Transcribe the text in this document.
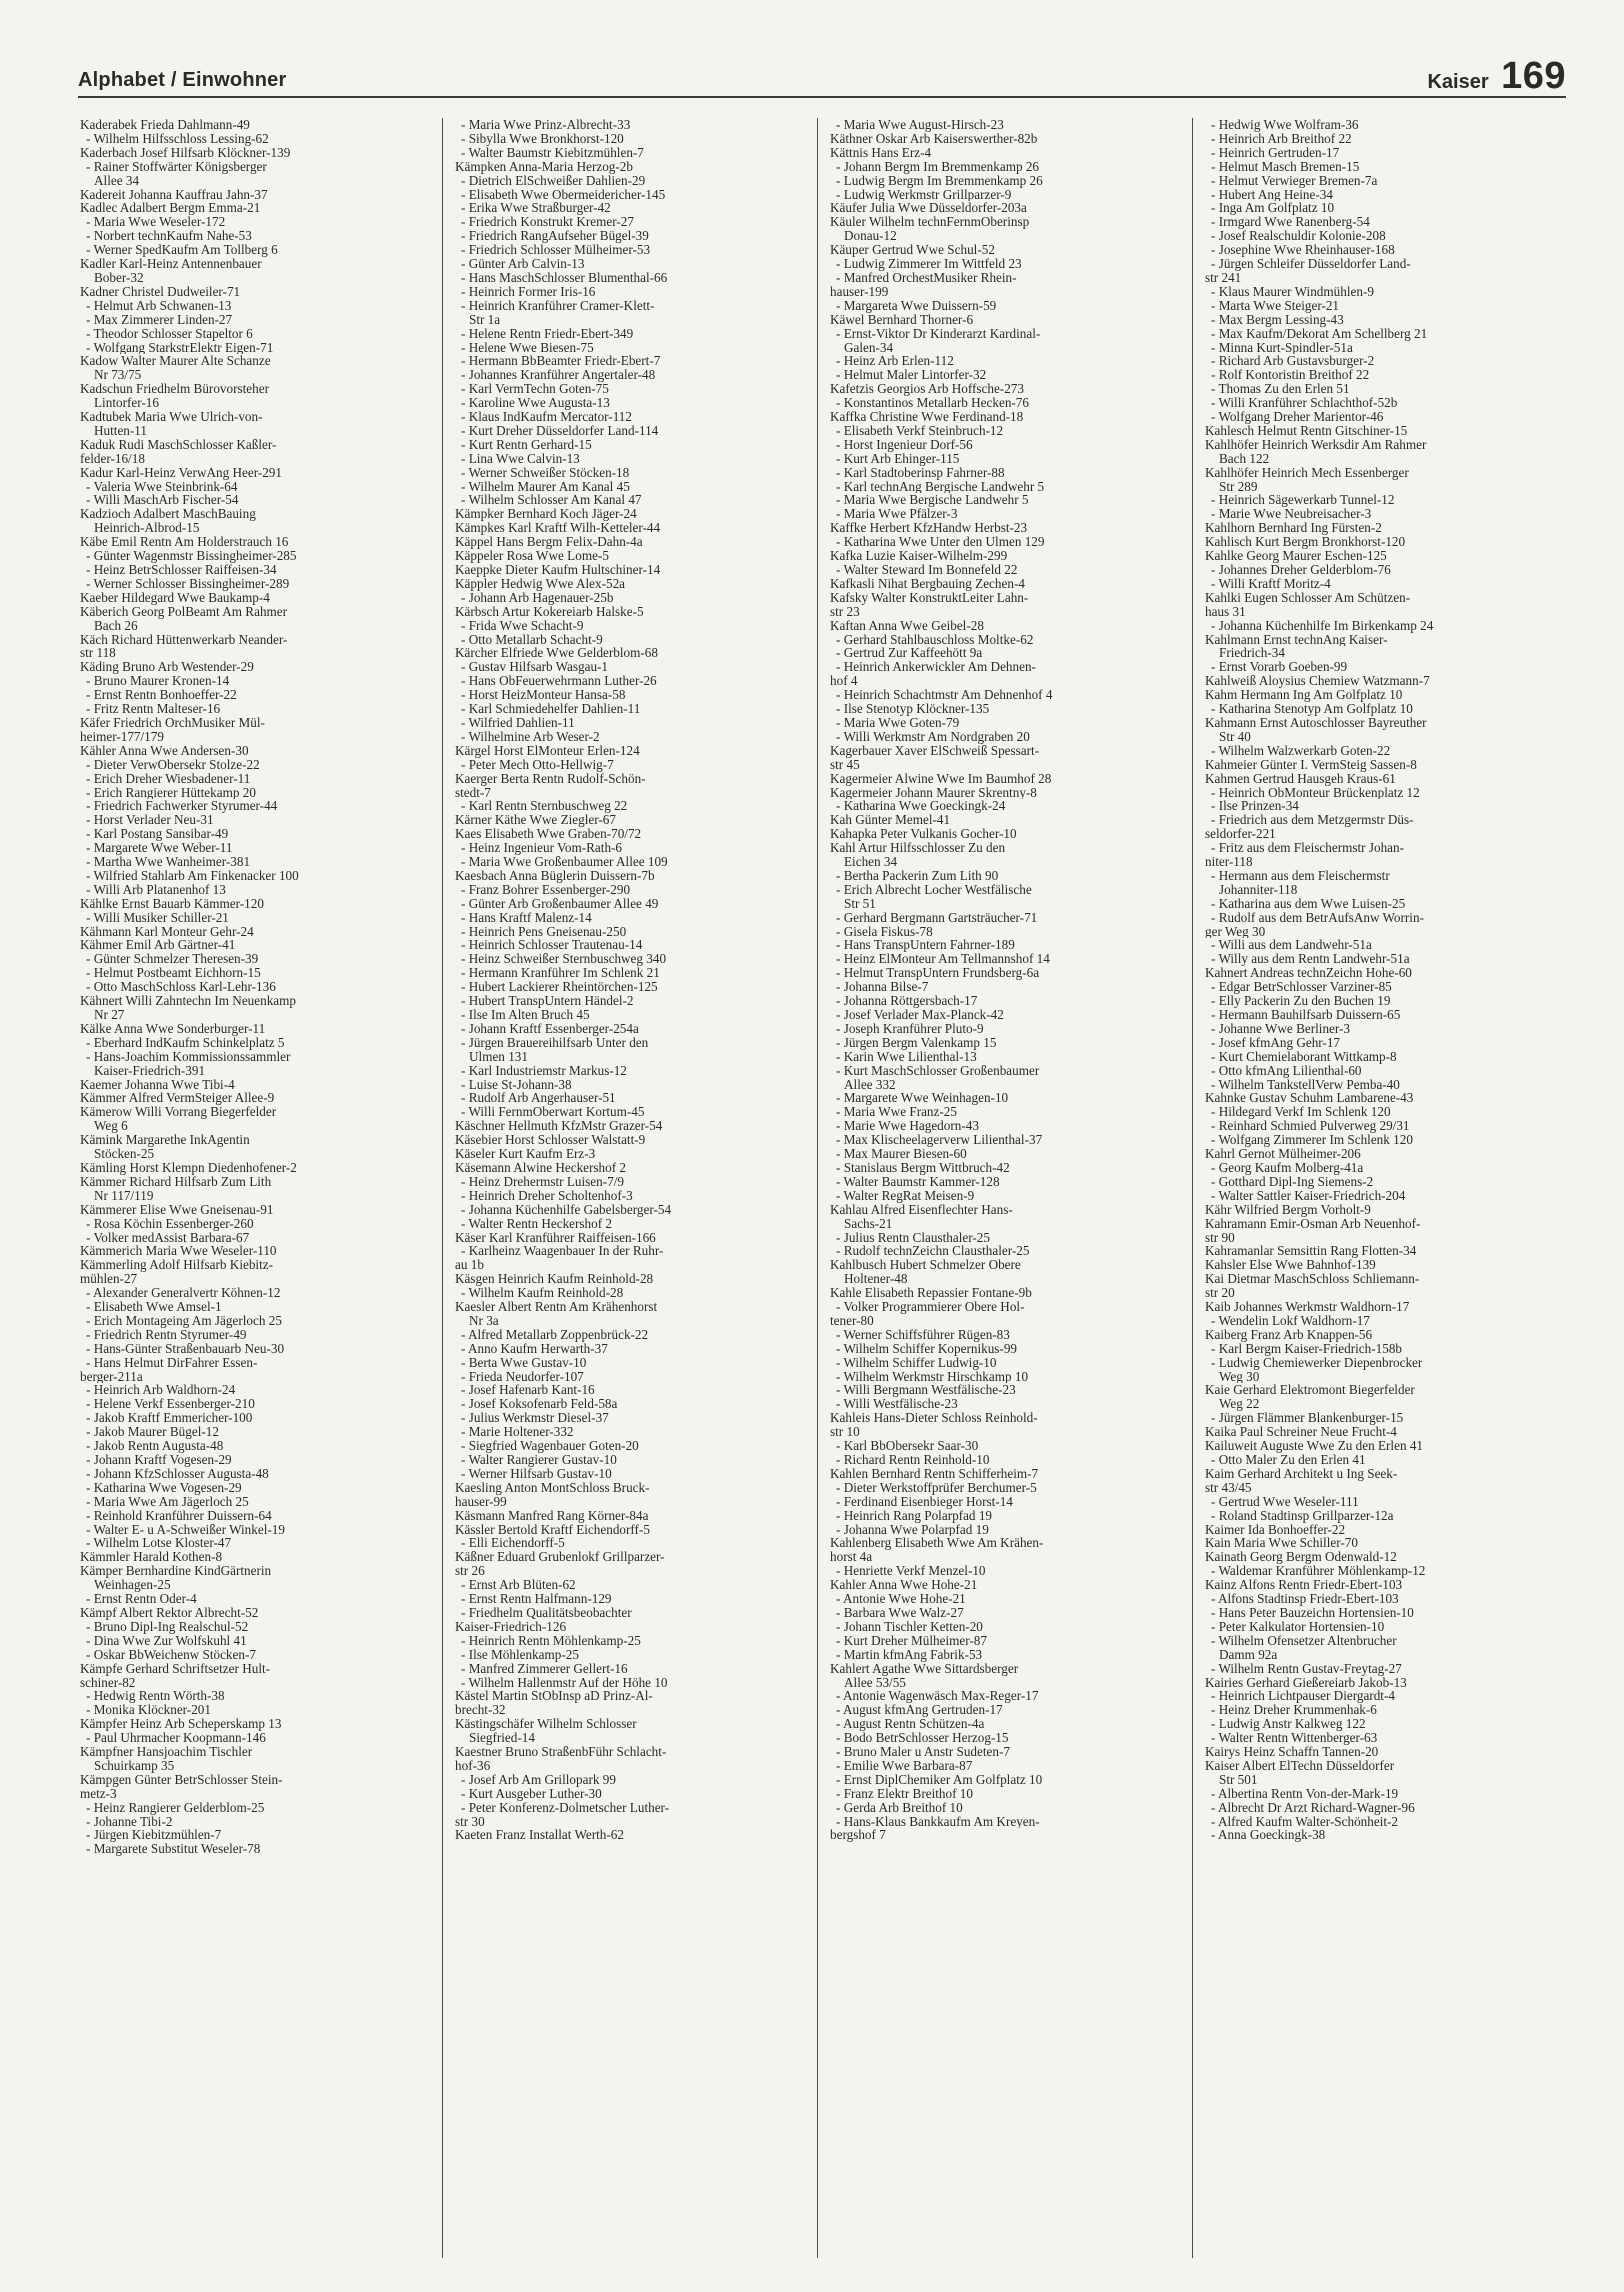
Alphabet / Einwohner	Kaiser 169
Kaderabek Frieda Dahlmann-49
- Wilhelm Hilfsschloss Lessing-62
Kaderbach Josef Hilfsarb Klöckner-139
- Rainer Stoffwärter Königsberger
Allee 34
Kadereit Johanna Kauffrau Jahn-37
Kadlec Adalbert Bergm Emma-21
- Maria Wwe Weseler-172
- Norbert technKaufm Nahe-53
- Werner SpedKaufm Am Tollberg 6
Kadler Karl-Heinz Antennenbauer
Bober-32
Kadner Christel Dudweiler-71
- Helmut Arb Schwanen-13
- Max Zimmerer Linden-27
- Theodor Schlosser Stapeltor 6
- Wolfgang StarkstrElektr Eigen-71
Kadow Walter Maurer Alte Schanze
Nr 73/75
Kadschun Friedhelm Bürovorsteher
Lintorfer-16
Kadtubek Maria Wwe Ulrich-von-
Hutten-11
Kaduk Rudi MaschSchlosser Kaßler-
felder-16/18
Kadur Karl-Heinz VerwAng Heer-291
- Valeria Wwe Steinbrink-64
- Willi MaschArb Fischer-54
Kadzioch Adalbert MaschBauing
Heinrich-Albrod-15
Käbe Emil Rentn Am Holderstrauch 16
- Günter Wagenmstr Bissingheimer-285
- Heinz BetrSchlosser Raiffeisen-34
- Werner Schlosser Bissingheimer-289
Kaeber Hildegard Wwe Baukamp-4
Käberich Georg PolBeamt Am Rahmer
Bach 26
Käch Richard Hüttenwerkarb Neander-
str 118
Käding Bruno Arb Westender-29
- Bruno Maurer Kronen-14
- Ernst Rentn Bonhoeffer-22
- Fritz Rentn Malteser-16
Käfer Friedrich OrchMusiker Mül-
heimer-177/179
Kähler Anna Wwe Andersen-30
- Dieter VerwObersekr Stolze-22
- Erich Dreher Wiesbadener-11
- Erich Rangierer Hüttekamp 20
- Friedrich Fachwerker Styrumer-44
- Horst Verlader Neu-31
- Karl Postang Sansibar-49
- Margarete Wwe Weber-11
- Martha Wwe Wanheimer-381
- Wilfried Stahlarb Am Finkenacker 100
- Willi Arb Platanenhof 13
Kählke Ernst Bauarb Kämmer-120
- Willi Musiker Schiller-21
Kähmann Karl Monteur Gehr-24
Kähmer Emil Arb Gärtner-41
- Günter Schmelzer Theresen-39
- Helmut Postbeamt Eichhorn-15
- Otto MaschSchloss Karl-Lehr-136
Kähnert Willi Zahntechn Im Neuenkamp
Nr 27
Kälke Anna Wwe Sonderburger-11
- Eberhard IndKaufm Schinkelplatz 5
- Hans-Joachim Kommissionssammler
Kaiser-Friedrich-391
Kaemer Johanna Wwe Tibi-4
Kämmer Alfred VermSteiger Allee-9
Kämerow Willi Vorrang Biegerfelder
Weg 6
Kämink Margarethe InkAgentin
Stöcken-25
Kämling Horst Klempn Diedenhofener-2
Kämmer Richard Hilfsarb Zum Lith
Nr 117/119
Kämmerer Elise Wwe Gneisenau-91
- Rosa Köchin Essenberger-260
- Volker medAssist Barbara-67
Kämmerich Maria Wwe Weseler-110
Kämmerling Adolf Hilfsarb Kiebitz-
mühlen-27
- Alexander Generalvertr Köhnen-12
- Elisabeth Wwe Amsel-1
- Erich Montageing Am Jägerloch 25
- Friedrich Rentn Styrumer-49
- Hans-Günter Straßenbauarb Neu-30
- Hans Helmut DirFahrer Essen-
berger-211a
- Heinrich Arb Waldhorn-24
- Helene Verkf Essenberger-210
- Jakob Kraftf Emmericher-100
- Jakob Maurer Bügel-12
- Jakob Rentn Augusta-48
- Johann Kraftf Vogesen-29
- Johann KfzSchlosser Augusta-48
- Katharina Wwe Vogesen-29
- Maria Wwe Am Jägerloch 25
- Reinhold Kranführer Duissern-64
- Walter E- u A-Schweißer Winkel-19
- Wilhelm Lotse Kloster-47
Kämmler Harald Kothen-8
Kämper Bernhardine KindGärtnerin
Weinhagen-25
- Ernst Rentn Oder-4
Kämpf Albert Rektor Albrecht-52
- Bruno Dipl-Ing Realschul-52
- Dina Wwe Zur Wolfskuhl 41
- Oskar BbWeichenw Stöcken-7
Kämpfe Gerhard Schriftsetzer Hult-
schiner-82
- Hedwig Rentn Wörth-38
- Monika Klöckner-201
Kämpfer Heinz Arb Scheperskamp 13
- Paul Uhrmacher Koopmann-146
Kämpfner Hansjoachim Tischler
Schuirkamp 35
Kämpgen Günter BetrSchlosser Stein-
metz-3
- Heinz Rangierer Gelderblom-25
- Johanne Tibi-2
- Jürgen Kiebitzmühlen-7
- Margarete Substitut Weseler-78
- Maria Wwe Prinz-Albrecht-33
- Sibylla Wwe Bronkhorst-120
- Walter Baumstr Kiebitzmühlen-7
Kämpken Anna-Maria Herzog-2b
- Dietrich ElSchweißer Dahlien-29
- Elisabeth Wwe Obermeidericher-145
- Erika Wwe Straßburger-42
- Friedrich Konstrukt Kremer-27
- Friedrich RangAufseher Bügel-39
- Friedrich Schlosser Mülheimer-53
- Günter Arb Calvin-13
- Hans MaschSchlosser Blumenthal-66
- Heinrich Former Iris-16
- Heinrich Kranführer Cramer-Klett-
Str 1a
- Helene Rentn Friedr-Ebert-349
- Helene Wwe Biesen-75
- Hermann BbBeamter Friedr-Ebert-7
- Johannes Kranführer Angertaler-48
- Karl VermTechn Goten-75
- Karoline Wwe Augusta-13
- Klaus IndKaufm Mercator-112
- Kurt Dreher Düsseldorfer Land-114
- Kurt Rentn Gerhard-15
- Lina Wwe Calvin-13
- Werner Schweißer Stöcken-18
- Wilhelm Maurer Am Kanal 45
- Wilhelm Schlosser Am Kanal 47
Kämpker Bernhard Koch Jäger-24
Kämpkes Karl Kraftf Wilh-Ketteler-44
Käppel Hans Bergm Felix-Dahn-4a
Käppeler Rosa Wwe Lome-5
Kaeppke Dieter Kaufm Hultschiner-14
Käppler Hedwig Wwe Alex-52a
- Johann Arb Hagenauer-25b
Kärbsch Artur Kokereiarb Halske-5
- Frida Wwe Schacht-9
- Otto Metallarb Schacht-9
Kärcher Elfriede Wwe Gelderblom-68
- Gustav Hilfsarb Wasgau-1
- Hans ObFeuerwehrmann Luther-26
- Horst HeizMonteur Hansa-58
- Karl Schmiedehelfer Dahlien-11
- Wilfried Dahlien-11
- Wilhelmine Arb Weser-2
Kärgel Horst ElMonteur Erlen-124
- Peter Mech Otto-Hellwig-7
Kaerger Berta Rentn Rudolf-Schön-
stedt-7
- Karl Rentn Sternbuschweg 22
Kärner Käthe Wwe Ziegler-67
Kaes Elisabeth Wwe Graben-70/72
- Heinz Ingenieur Vom-Rath-6
- Maria Wwe Großenbaumer Allee 109
Kaesbach Anna Büglerin Duissern-7b
- Franz Bohrer Essenberger-290
- Günter Arb Großenbaumer Allee 49
- Hans Kraftf Malenz-14
- Heinrich Pens Gneisenau-250
- Heinrich Schlosser Trautenau-14
- Heinz Schweißer Sternbuschweg 340
- Hermann Kranführer Im Schlenk 21
- Hubert Lackierer Rheintörchen-125
- Hubert TranspUntern Händel-2
- Ilse Im Alten Bruch 45
- Johann Kraftf Essenberger-254a
- Jürgen Brauereihilfsarb Unter den
Ulmen 131
- Karl Industriemstr Markus-12
- Luise St-Johann-38
- Rudolf Arb Angerhauser-51
- Willi FernmOberwart Kortum-45
Käschner Hellmuth KfzMstr Grazer-54
Käsebier Horst Schlosser Walstatt-9
Käseler Kurt Kaufm Erz-3
Käsemann Alwine Heckershof 2
- Heinz Drehermstr Luisen-7/9
- Heinrich Dreher Scholtenhof-3
- Johanna Küchenhilfe Gabelsberger-54
- Walter Rentn Heckershof 2
Käser Karl Kranführer Raiffeisen-166
- Karlheinz Waagenbauer In der Ruhr-
au 1b
Käsgen Heinrich Kaufm Reinhold-28
- Wilhelm Kaufm Reinhold-28
Kaesler Albert Rentn Am Krähenhorst
Nr 3a
- Alfred Metallarb Zoppenbrück-22
- Anno Kaufm Herwarth-37
- Berta Wwe Gustav-10
- Frieda Neudorfer-107
- Josef Hafenarb Kant-16
- Josef Koksofenarb Feld-58a
- Julius Werkmstr Diesel-37
- Marie Holtener-332
- Siegfried Wagenbauer Goten-20
- Walter Rangierer Gustav-10
- Werner Hilfsarb Gustav-10
Kaesling Anton MontSchloss Bruck-
hauser-99
Käsmann Manfred Rang Körner-84a
Kässler Bertold Kraftf Eichendorff-5
- Elli Eichendorff-5
Käßner Eduard Grubenlokf Grillparzer-
str 26
- Ernst Arb Blüten-62
- Ernst Rentn Halfmann-129
- Friedhelm Qualitätsbeobachter
Kaiser-Friedrich-126
- Heinrich Rentn Möhlenkamp-25
- Ilse Möhlenkamp-25
- Manfred Zimmerer Gellert-16
- Wilhelm Hallenmstr Auf der Höhe 10
Kästel Martin StObInsp aD Prinz-Al-
brecht-32
Kästingschäfer Wilhelm Schlosser
Siegfried-14
Kaestner Bruno StraßenbFühr Schlacht-
hof-36
- Josef Arb Am Grillopark 99
- Kurt Ausgeber Luther-30
- Peter Konferenz-Dolmetscher Luther-
str 30
Kaeten Franz Installat Werth-62
- Maria Wwe August-Hirsch-23
Käthner Oskar Arb Kaiserswerther-82b
Kättnis Hans Erz-4
- Johann Bergm Im Bremmenkamp 26
- Ludwig Bergm Im Bremmenkamp 26
- Ludwig Werkmstr Grillparzer-9
Käufer Julia Wwe Düsseldorfer-203a
Käuler Wilhelm technFernmOberinsp
Donau-12
Käuper Gertrud Wwe Schul-52
- Ludwig Zimmerer Im Wittfeld 23
- Manfred OrchestMusiker Rhein-
hauser-199
- Margareta Wwe Duissern-59
Käwel Bernhard Thorner-6
- Ernst-Viktor Dr Kinderarzt Kardinal-
Galen-34
- Heinz Arb Erlen-112
- Helmut Maler Lintorfer-32
Kafetzis Georgios Arb Hoffsche-273
- Konstantinos Metallarb Hecken-76
Kaffka Christine Wwe Ferdinand-18
- Elisabeth Verkf Steinbruch-12
- Horst Ingenieur Dorf-56
- Kurt Arb Ehinger-115
- Karl Stadtoberinsp Fahrner-88
- Karl technAng Bergische Landwehr 5
- Maria Wwe Bergische Landwehr 5
- Maria Wwe Pfälzer-3
Kaffke Herbert KfzHandw Herbst-23
- Katharina Wwe Unter den Ulmen 129
Kafka Luzie Kaiser-Wilhelm-299
- Walter Steward Im Bonnefeld 22
Kafkasli Nihat Bergbauing Zechen-4
Kafsky Walter KonstruktLeiter Lahn-
str 23
Kaftan Anna Wwe Geibel-28
- Gerhard Stahlbauschloss Moltke-62
- Gertrud Zur Kaffeehött 9a
- Heinrich Ankerwickler Am Dehnen-
hof 4
- Heinrich Schachtmstr Am Dehnenhof 4
- Ilse Stenotyp Klöckner-135
- Maria Wwe Goten-79
- Willi Werkmstr Am Nordgraben 20
Kagerbauer Xaver ElSchweiß Spessart-
str 45
Kagermeier Alwine Wwe Im Baumhof 28
Kagermeier Johann Maurer Skrentny-8
- Katharina Wwe Goeckingk-24
Kah Günter Memel-41
Kahapka Peter Vulkanis Gocher-10
Kahl Artur Hilfsschlosser Zu den
Eichen 34
- Bertha Packerin Zum Lith 90
- Erich Albrecht Locher Westfälische
Str 51
- Gerhard Bergmann Gartsträucher-71
- Gisela Fiskus-78
- Hans TranspUntern Fahrner-189
- Heinz ElMonteur Am Tellmannshof 14
- Helmut TranspUntern Frundsberg-6a
- Johanna Bilse-7
- Johanna Röttgersbach-17
- Josef Verlader Max-Planck-42
- Joseph Kranführer Pluto-9
- Jürgen Bergm Valenkamp 15
- Karin Wwe Lilienthal-13
- Kurt MaschSchlosser Großenbaumer
Allee 332
- Margarete Wwe Weinhagen-10
- Maria Wwe Franz-25
- Marie Wwe Hagedorn-43
- Max Klischeelagerverw Lilienthal-37
- Max Maurer Biesen-60
- Stanislaus Bergm Wittbruch-42
- Walter Baumstr Kammer-128
- Walter RegRat Meisen-9
Kahlau Alfred Eisenflechter Hans-
Sachs-21
- Julius Rentn Clausthaler-25
- Rudolf technZeichn Clausthaler-25
Kahlbusch Hubert Schmelzer Obere
Holtener-48
Kahle Elisabeth Repassier Fontane-9b
- Volker Programmierer Obere Hol-
tener-80
- Werner Schiffsführer Rügen-83
- Wilhelm Schiffer Kopernikus-99
- Wilhelm Schiffer Ludwig-10
- Wilhelm Werkmstr Hirschkamp 10
- Willi Bergmann Westfälische-23
- Willi Westfälische-23
Kahleis Hans-Dieter Schloss Reinhold-
str 10
- Karl BbObersekr Saar-30
- Richard Rentn Reinhold-10
Kahlen Bernhard Rentn Schifferheim-7
- Dieter Werkstoffprüfer Berchumer-5
- Ferdinand Eisenbieger Horst-14
- Heinrich Rang Polarpfad 19
- Johanna Wwe Polarpfad 19
Kahlenberg Elisabeth Wwe Am Krähen-
horst 4a
- Henriette Verkf Menzel-10
Kahler Anna Wwe Hohe-21
- Antonie Wwe Hohe-21
- Barbara Wwe Walz-27
- Johann Tischler Ketten-20
- Kurt Dreher Mülheimer-87
- Martin kfmAng Fabrik-53
Kahlert Agathe Wwe Sittardsberger
Allee 53/55
- Antonie Wagenwäsch Max-Reger-17
- August kfmAng Gertruden-17
- August Rentn Schützen-4a
- Bodo BetrSchlosser Herzog-15
- Bruno Maler u Anstr Sudeten-7
- Emilie Wwe Barbara-87
- Ernst DiplChemiker Am Golfplatz 10
- Franz Elektr Breithof 10
- Gerda Arb Breithof 10
- Hans-Klaus Bankkaufm Am Kreyen-
bergshof 7
- Hedwig Wwe Wolfram-36
- Heinrich Arb Breithof 22
- Heinrich Gertruden-17
- Helmut Masch Bremen-15
- Helmut Verwieger Bremen-7a
- Hubert Ang Heine-34
- Inga Am Golfplatz 10
- Irmgard Wwe Ranenberg-54
- Josef Realschuldir Kolonie-208
- Josephine Wwe Rheinhauser-168
- Jürgen Schleifer Düsseldorfer Land-
str 241
- Klaus Maurer Windmühlen-9
- Marta Wwe Steiger-21
- Max Bergm Lessing-43
- Max Kaufm/Dekorat Am Schellberg 21
- Minna Kurt-Spindler-51a
- Richard Arb Gustavsburger-2
- Rolf Kontoristin Breithof 22
- Thomas Zu den Erlen 51
- Willi Kranführer Schlachthof-52b
- Wolfgang Dreher Marientor-46
Kahlesch Helmut Rentn Gitschiner-15
Kahlhöfer Heinrich Werksdir Am Rahmer
Bach 122
Kahlhöfer Heinrich Mech Essenberger
Str 289
- Heinrich Sägewerkarb Tunnel-12
- Marie Wwe Neubreisacher-3
Kahlhorn Bernhard Ing Fürsten-2
Kahlisch Kurt Bergm Bronkhorst-120
Kahlke Georg Maurer Eschen-125
- Johannes Dreher Gelderblom-76
- Willi Kraftf Moritz-4
Kahlki Eugen Schlosser Am Schützen-
haus 31
- Johanna Küchenhilfe Im Birkenkamp 24
Kahlmann Ernst technAng Kaiser-
Friedrich-34
- Ernst Vorarb Goeben-99
Kahlweiß Aloysius Chemiew Watzmann-7
Kahm Hermann Ing Am Golfplatz 10
- Katharina Stenotyp Am Golfplatz 10
Kahmann Ernst Autoschlosser Bayreuther
Str 40
- Wilhelm Walzwerkarb Goten-22
Kahmeier Günter I. VermSteig Sassen-8
Kahmen Gertrud Hausgeh Kraus-61
- Heinrich ObMonteur Brückenplatz 12
- Ilse Prinzen-34
- Friedrich aus dem Metzgermstr Düs-
seldorfer-221
- Fritz aus dem Fleischermstr Johan-
niter-118
- Hermann aus dem Fleischermstr
Johanniter-118
- Katharina aus dem Wwe Luisen-25
- Rudolf aus dem BetrAufsAnw Worrin-
ger Weg 30
- Willi aus dem Landwehr-51a
- Willy aus dem Rentn Landwehr-51a
Kahnert Andreas technZeichn Hohe-60
- Edgar BetrSchlosser Varziner-85
- Elly Packerin Zu den Buchen 19
- Hermann Bauhilfsarb Duissern-65
- Johanne Wwe Berliner-3
- Josef kfmAng Gehr-17
- Kurt Chemielaborant Wittkamp-8
- Otto kfmAng Lilienthal-60
- Wilhelm TankstellVerw Pemba-40
Kahnke Gustav Schuhm Lambarene-43
- Hildegard Verkf Im Schlenk 120
- Reinhard Schmied Pulverweg 29/31
- Wolfgang Zimmerer Im Schlenk 120
Kahrl Gernot Mülheimer-206
- Georg Kaufm Molberg-41a
- Gotthard Dipl-Ing Siemens-2
- Walter Sattler Kaiser-Friedrich-204
Kähr Wilfried Bergm Vorholt-9
Kahramann Emir-Osman Arb Neuenhof-
str 90
Kahramanlar Semsittin Rang Flotten-34
Kahsler Else Wwe Bahnhof-139
Kai Dietmar MaschSchloss Schliemann-
str 20
Kaib Johannes Werkmstr Waldhorn-17
- Wendelin Lokf Waldhorn-17
Kaiberg Franz Arb Knappen-56
- Karl Bergm Kaiser-Friedrich-158b
- Ludwig Chemiewerker Diepenbrocker
Weg 30
Kaie Gerhard Elektromont Biegerfelder
Weg 22
- Jürgen Flämmer Blankenburger-15
Kaika Paul Schreiner Neue Frucht-4
Kailuweit Auguste Wwe Zu den Erlen 41
- Otto Maler Zu den Erlen 41
Kaim Gerhard Architekt u Ing Seek-
str 43/45
- Gertrud Wwe Weseler-111
- Roland Stadtinsp Grillparzer-12a
Kaimer Ida Bonhoeffer-22
Kain Maria Wwe Schiller-70
Kainath Georg Bergm Odenwald-12
- Waldemar Kranführer Möhlenkamp-12
Kainz Alfons Rentn Friedr-Ebert-103
- Alfons Stadtinsp Friedr-Ebert-103
- Hans Peter Bauzeichn Hortensien-10
- Peter Kalkulator Hortensien-10
- Wilhelm Ofensetzer Altenbrucher
Damm 92a
- Wilhelm Rentn Gustav-Freytag-27
Kairies Gerhard Gießereiarb Jakob-13
- Heinrich Lichtpauser Diergardt-4
- Heinz Dreher Krummenhak-6
- Ludwig Anstr Kalkweg 122
- Walter Rentn Wittenberger-63
Kairys Heinz Schaffn Tannen-20
Kaiser Albert ElTechn Düsseldorfer
Str 501
- Albertina Rentn Von-der-Mark-19
- Albrecht Dr Arzt Richard-Wagner-96
- Alfred Kaufm Walter-Schönheit-2
- Anna Goeckingk-38
